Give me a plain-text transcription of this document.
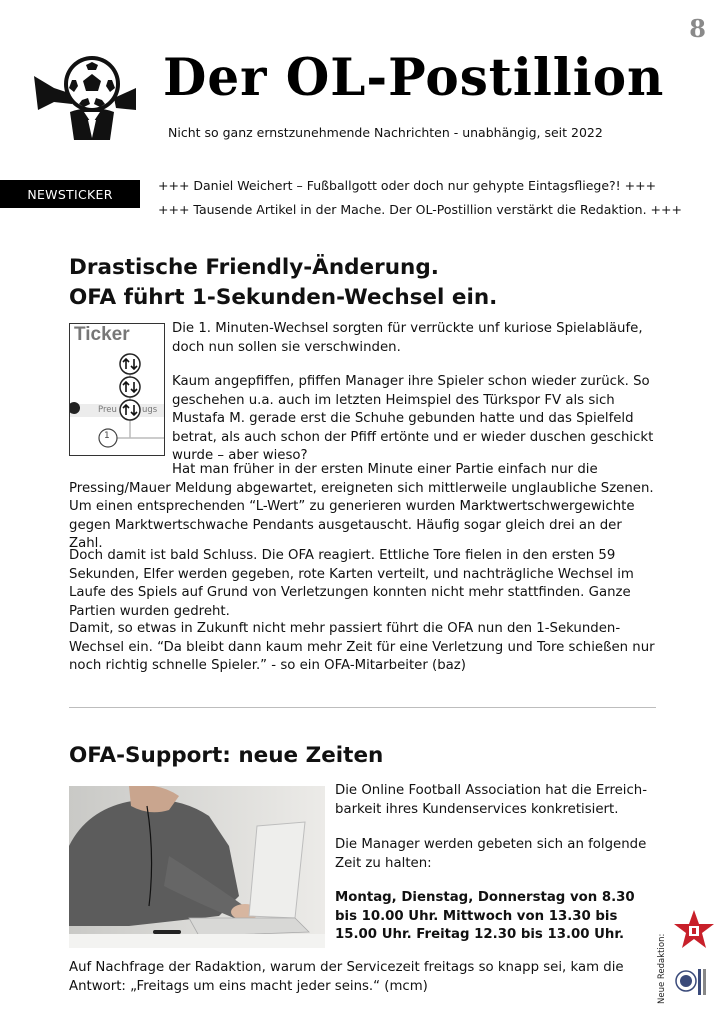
8
Der OL-Postillion
Nicht so ganz ernstzunehmende Nachrichten - unabhängig, seit 2022
NEWSTICKER
+++ Daniel Weichert – Fußballgott oder doch nur gehypte Eintagsfliege?! +++
+++ Tausende Artikel in der Mache. Der OL-Postillion verstärkt die Redaktion. +++
Drastische Friendly-Änderung.
OFA führt 1-Sekunden-Wechsel ein.
Ticker
Preu	ugs
1

Die 1. Minuten-Wechsel sorgten für verrückte unf kuriose Spielabläufe, doch nun sollen sie verschwinden.

Kaum angepfiffen, pfiffen Manager ihre Spieler schon wieder zurück. So geschehen u.a. auch im letzten Heimspiel des Türkspor FV als sich Mustafa M. gerade erst die Schuhe gebunden hatte und das Spielfeld betrat, als auch schon der Pfiff ertönte und er wieder duschen geschickt wurde – aber wieso?

Hat man früher in der ersten Minute einer Partie einfach nur die Pressing/Mauer Meldung abgewartet, ereigneten sich mittlerweile unglaubliche Szenen. Um einen entsprechenden “L-Wert” zu generieren wurden Marktwertschwergewichte gegen Marktwertschwache Pendants ausgetauscht. Häufig sogar gleich drei an der Zahl.

Doch damit ist bald Schluss. Die OFA reagiert. Ettliche Tore fielen in den ersten 59 Sekunden, Elfer werden gegeben, rote Karten verteilt, und nachträgliche Wechsel im Laufe des Spiels auf Grund von Verletzungen konnten nicht mehr stattfinden. Ganze Partien wurden gedreht.

Damit, so etwas in Zukunft nicht mehr passiert führt die OFA nun den 1-Sekunden-Wechsel ein. “Da bleibt dann kaum mehr Zeit für eine Verletzung und Tore schießen nur noch richtig schnelle Spieler.” - so ein OFA-Mitarbeiter (baz)

OFA-Support: neue Zeiten

Die Online Football Association hat die Erreich-barkeit ihres Kundenservices konkretisiert.

Die Manager werden gebeten sich an folgende Zeit zu halten:

Montag, Dienstag, Donnerstag von 8.30 bis 10.00 Uhr. Mittwoch von 13.30 bis 15.00 Uhr. Freitag 12.30 bis 13.00 Uhr.

Auf Nachfrage der Radaktion, warum der Servicezeit freitags so knapp sei, kam die Antwort: „Freitags um eins macht jeder seins.“ (mcm)	Neue Redaktion:
